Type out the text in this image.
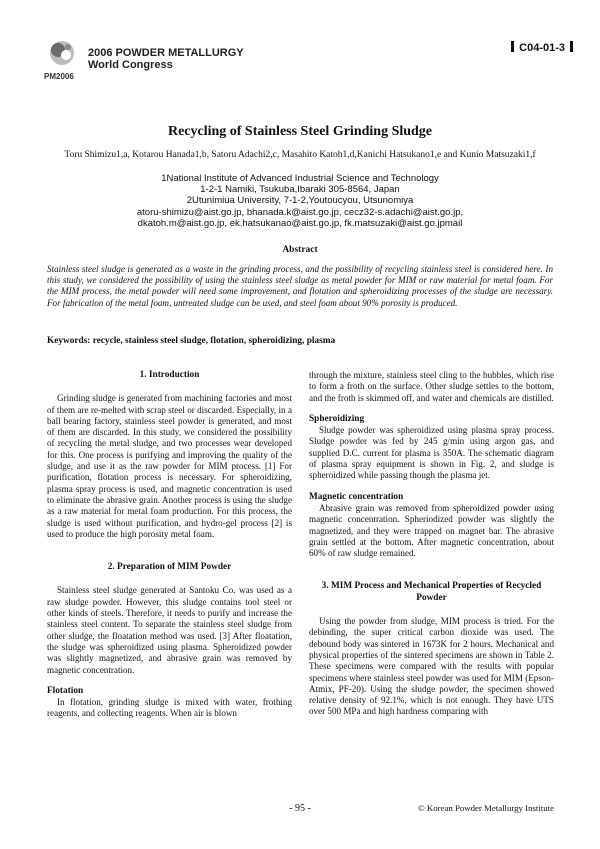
PM2006
2006 POWDER METALLURGY
World Congress
C04-01-3
Recycling of Stainless Steel Grinding Sludge
Toru Shimizu1,a, Kotarou Hanada1,b, Satoru Adachi2,c, Masahito Katoh1,d,Kanichi Hatsukano1,e and Kunio Matsuzaki1,f
1National Institute of Advanced Industrial Science and Technology
1-2-1 Namiki, Tsukuba,Ibaraki 305-8564, Japan
2Utunimiua University, 7-1-2,Youtoucyou, Utsunomiya
atoru-shimizu@aist.go.jp, bhanada.k@aist.go.jp, cecz32-s.adachi@aist.go.jp,
dkatoh.m@aist.go.jp, ek.hatsukanao@aist.go.jp, fk.matsuzaki@aist.go.jpmail
Abstract
Stainless steel sludge is generated as a waste in the grinding process, and the possibility of recycling stainless steel is considered here. In this study, we considered the possibility of using the stainless steel sludge as metal powder for MIM or raw material for metal foam. For the MIM process, the metal powder will need some improvement, and flotation and spheroidizing processes of the sludge are necessary. For fabrication of the metal foam, untreated sludge can be used, and steel foam about 90% porosity is produced.
Keywords: recycle, stainless steel sludge, flotation, spheroidizing, plasma
1. Introduction

Grinding sludge is generated from machining factories and most of them are re-melted with scrap steel or discarded. Especially, in a ball bearing factory, stainless steel powder is generated, and most of them are discarded. In this study, we considered the possibility of recycling the metal sludge, and two processes wear developed for this. One process is purifying and improving the quality of the sludge, and use it as the raw powder for MIM process. [1] For purification, flotation process is necessary. For spheroidizing, plasma spray process is used, and magnetic concentration is used to eliminate the abrasive grain. Another process is using the sludge as a raw material for metal foam production. For this process, the sludge is used without purification, and hydro-gel process [2] is used to produce the high porosity metal foam.

2. Preparation of MIM Powder

Stainless steel sludge generated at Santoku Co. was used as a raw sludge powder. However, this sludge contains tool steel or other kinds of steels. Therefore, it needs to purify and increase the stainless steel content. To separate the stainless steel sludge from other sludge, the floatation method was used. [3] After floatation, the sludge was spheroidized using plasma. Spheroidized powder was slightly magnetized, and abrasive grain was removed by magnetic concentration.

Flotation

In flotation, grinding sludge is mixed with water, frothing reagents, and collecting reagents. When air is blown

through the mixture, stainless steel cling to the bubbles, which rise to form a froth on the surface. Other sludge settles to the bottom, and the froth is skimmed off, and water and chemicals are distilled.

Spheroidizing

Sludge powder was spheroidized using plasma spray process. Sludge powder was fed by 245 g/min using argon gas, and supplied D.C. current for plasma is 350A. The schematic diagram of plasma spray equipment is shown in Fig. 2, and sludge is spheroidized while passing though the plasma jet.

Magnetic concentration

Abrasive grain was removed from spheroidized powder using magnetic concentration. Spheriodized powder was slightly the magnetized, and they were trapped on magnet bar. The abrasive grain settled at the bottom. After magnetic concentration, about 60% of raw sludge remained.

3. MIM Process and Mechanical Properties of Recycled Powder

Using the powder from sludge, MIM process is tried. For the debinding, the super critical carbon dioxide was used. The debound body was sintered in 1673K for 2 hours. Mechanical and physical properties of the sintered specimens are shown in Table 2. These specimens were compared with the results with popular specimens where stainless steel powder was used for MIM (Epson-Atmix, PF-20). Using the sludge powder, the specimen showed relative density of 92.1%, which is not enough. They have UTS over 500 MPa and high hardness comparing with

- 95 -	© Korean Powder Metallurgy Institute
